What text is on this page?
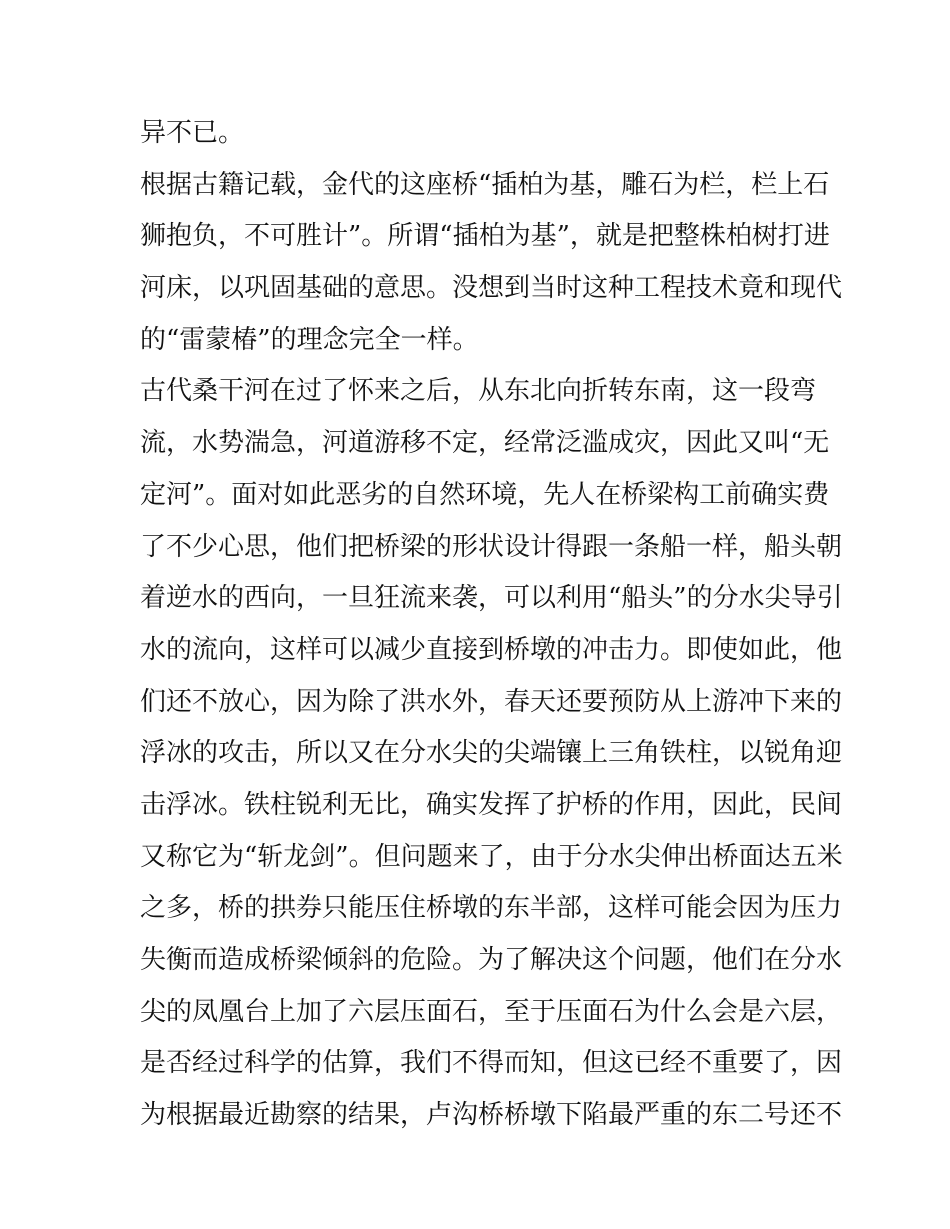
异不已。
根据古籍记载，金代的这座桥“插柏为基，雕石为栏，栏上石
狮抱负，不可胜计”。所谓“插柏为基”，就是把整株柏树打进
河床，以巩固基础的意思。没想到当时这种工程技术竟和现代
的“雷蒙椿”的理念完全一样。
古代桑干河在过了怀来之后，从东北向折转东南，这一段弯
流，水势湍急，河道游移不定，经常泛滥成灾，因此又叫“无
定河”。面对如此恶劣的自然环境，先人在桥梁构工前确实费
了不少心思，他们把桥梁的形状设计得跟一条船一样，船头朝
着逆水的西向，一旦狂流来袭，可以利用“船头”的分水尖导引
水的流向，这样可以减少直接到桥墩的冲击力。即使如此，他
们还不放心，因为除了洪水外，春天还要预防从上游冲下来的
浮冰的攻击，所以又在分水尖的尖端镶上三角铁柱，以锐角迎
击浮冰。铁柱锐利无比，确实发挥了护桥的作用，因此，民间
又称它为“斩龙剑”。但问题来了，由于分水尖伸出桥面达五米
之多，桥的拱券只能压住桥墩的东半部，这样可能会因为压力
失衡而造成桥梁倾斜的危险。为了解决这个问题，他们在分水
尖的凤凰台上加了六层压面石，至于压面石为什么会是六层，
是否经过科学的估算，我们不得而知，但这已经不重要了，因
为根据最近勘察的结果，卢沟桥桥墩下陷最严重的东二号还不
